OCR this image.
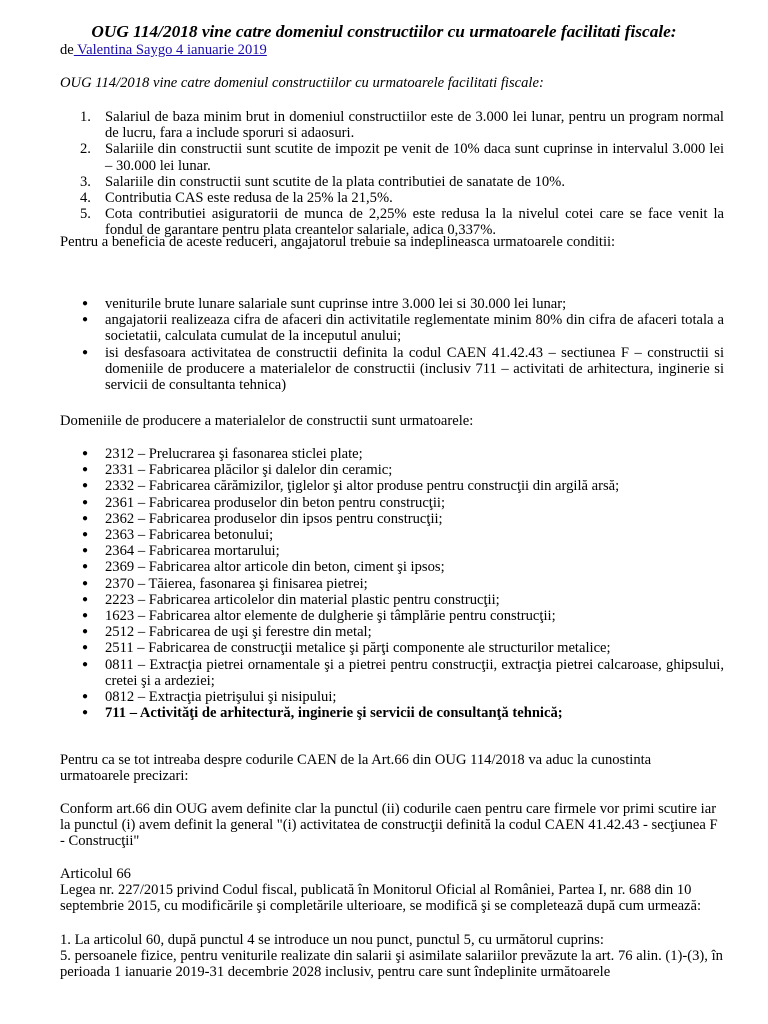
OUG 114/2018 vine catre domeniul constructiilor cu urmatoarele facilitati fiscale:
de Valentina Saygo 4 ianuarie 2019
OUG 114/2018 vine catre domeniul constructiilor cu urmatoarele facilitati fiscale:
1. Salariul de baza minim brut in domeniul constructiilor este de 3.000 lei lunar, pentru un program normal de lucru, fara a include sporuri si adaosuri.
2. Salariile din constructii sunt scutite de impozit pe venit de 10% daca sunt cuprinse in intervalul 3.000 lei – 30.000 lei lunar.
3. Salariile din constructii sunt scutite de la plata contributiei de sanatate de 10%.
4. Contributia CAS este redusa de la 25% la 21,5%.
5. Cota contributiei asiguratorii de munca de 2,25% este redusa la la nivelul cotei care se face venit la fondul de garantare pentru plata creantelor salariale, adica 0,337%.
Pentru a beneficia de aceste reduceri, angajatorul trebuie sa indeplineasca urmatoarele conditii:
● veniturile brute lunare salariale sunt cuprinse intre 3.000 lei si 30.000 lei lunar;
● angajatorii realizeaza cifra de afaceri din activitatile reglementate minim 80% din cifra de afaceri totala a societatii, calculata cumulat de la inceputul anului;
● isi desfasoara activitatea de constructii definita la codul CAEN 41.42.43 – sectiunea F – constructii si domeniile de producere a materialelor de constructii (inclusiv 711 – activitati de arhitectura, inginerie si servicii de consultanta tehnica)
Domeniile de producere a materialelor de constructii sunt urmatoarele:
● 2312 – Prelucrarea şi fasonarea sticlei plate;
● 2331 – Fabricarea plăcilor şi dalelor din ceramic;
● 2332 – Fabricarea cărămizilor, ţiglelor şi altor produse pentru construcţii din argilă arsă;
● 2361 – Fabricarea produselor din beton pentru construcţii;
● 2362 – Fabricarea produselor din ipsos pentru construcţii;
● 2363 – Fabricarea betonului;
● 2364 – Fabricarea mortarului;
● 2369 – Fabricarea altor articole din beton, ciment şi ipsos;
● 2370 – Tăierea, fasonarea şi finisarea pietrei;
● 2223 – Fabricarea articolelor din material plastic pentru construcţii;
● 1623 – Fabricarea altor elemente de dulgherie şi tâmplărie pentru construcţii;
● 2512 – Fabricarea de uşi şi ferestre din metal;
● 2511 – Fabricarea de construcţii metalice şi părţi componente ale structurilor metalice;
● 0811 – Extracţia pietrei ornamentale şi a pietrei pentru construcţii, extracţia pietrei calcaroase, ghipsului, cretei şi a ardeziei;
● 0812 – Extracţia pietrişului şi nisipului;
● 711 – Activităţi de arhitectură, inginerie şi servicii de consultanţă tehnică;
Pentru ca se tot intreaba despre codurile CAEN de la Art.66 din OUG 114/2018 va aduc la cunostinta urmatoarele precizari:
Conform art.66 din OUG avem definite clar la punctul (ii) codurile caen pentru care firmele vor primi scutire iar la punctul (i) avem definit la general "(i) activitatea de construcţii definită la codul CAEN 41.42.43 - secţiunea F - Construcţii"
Articolul 66
Legea nr. 227/2015 privind Codul fiscal, publicată în Monitorul Oficial al României, Partea I, nr. 688 din 10 septembrie 2015, cu modificările şi completările ulterioare, se modifică şi se completează după cum urmează:
1. La articolul 60, după punctul 4 se introduce un nou punct, punctul 5, cu următorul cuprins:
5. persoanele fizice, pentru veniturile realizate din salarii şi asimilate salariilor prevăzute la art. 76 alin. (1)-(3), în perioada 1 ianuarie 2019-31 decembrie 2028 inclusiv, pentru care sunt îndeplinite următoarele
